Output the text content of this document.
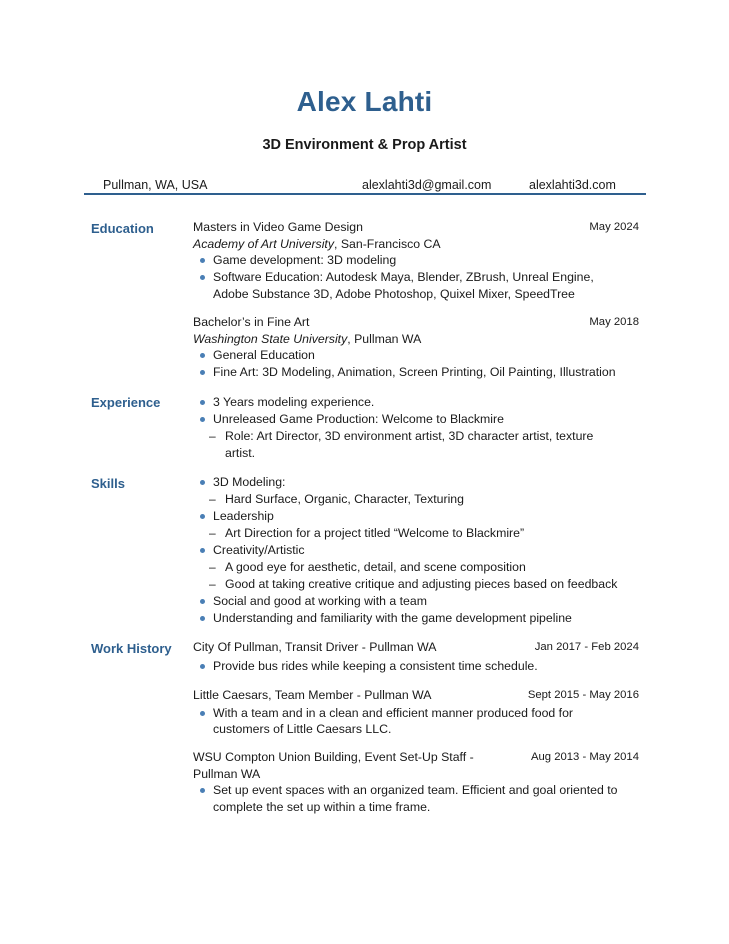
Alex Lahti
3D Environment & Prop Artist
Pullman, WA, USA	alexlahti3d@gmail.com	alexlahti3d.com
Education	Masters in Video Game Design	May 2024
Academy of Art University, San-Francisco CA
Game development: 3D modeling
Software Education: Autodesk Maya, Blender, ZBrush, Unreal Engine,
Adobe Substance 3D, Adobe Photoshop, Quixel Mixer, SpeedTree
Bachelor’s in Fine Art	May 2018
Washington State University, Pullman WA
General Education
Fine Art: 3D Modeling, Animation, Screen Printing, Oil Painting, Illustration
Experience	3 Years modeling experience.
Unreleased Game Production: Welcome to Blackmire
– Role: Art Director, 3D environment artist, 3D character artist, texture
artist.
Skills	3D Modeling:
– Hard Surface, Organic, Character, Texturing
Leadership
– Art Direction for a project titled “Welcome to Blackmire”
Creativity/Artistic
– A good eye for aesthetic, detail, and scene composition
– Good at taking creative critique and adjusting pieces based on feedback
Social and good at working with a team
Understanding and familiarity with the game development pipeline
Work History City Of Pullman, Transit Driver - Pullman WA	Jan 2017 - Feb 2024
Provide bus rides while keeping a consistent time schedule.
Little Caesars, Team Member - Pullman WA	Sept 2015 - May 2016
With a team and in a clean and efficient manner produced food for
customers of Little Caesars LLC.
WSU Compton Union Building, Event Set-Up Staff -	Aug 2013 - May 2014
Pullman WA
Set up event spaces with an organized team. Efficient and goal oriented to
complete the set up within a time frame.
